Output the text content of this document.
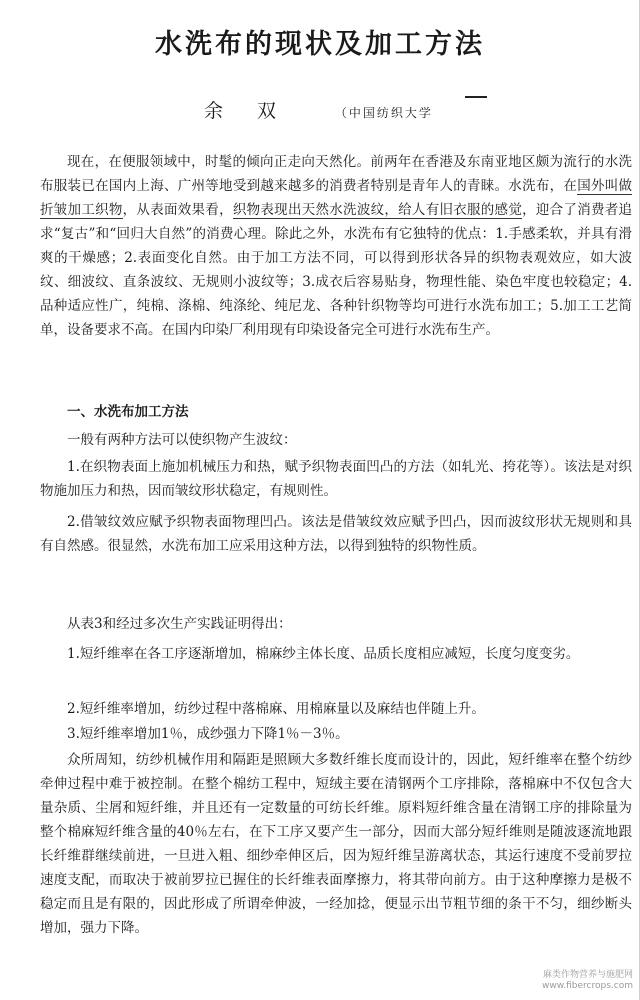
水洗布的现状及加工方法
余 双	（中国纺织大学

现在，在便服领域中，时髦的倾向正走向天然化。前两年在香港及东南亚地区颇为流行的水洗布服装已在国内上海、广州等地受到越来越多的消费者特别是青年人的青睐。水洗布，在国外叫做折皱加工织物，从表面效果看，织物表现出天然水洗波纹，给人有旧衣服的感觉，迎合了消费者追求“复古”和“回归大自然”的消费心理。除此之外，水洗布有它独特的优点：1.手感柔软，并具有滑爽的干燥感；2.表面变化自然。由于加工方法不同，可以得到形状各异的织物表观效应，如大波纹、细波纹、直条波纹、无规则小波纹等；3.成衣后容易贴身，物理性能、染色牢度也较稳定；4.品种适应性广，纯棉、涤棉、纯涤纶、纯尼龙、各种针织物等均可进行水洗布加工；5.加工工艺简单，设备要求不高。在国内印染厂利用现有印染设备完全可进行水洗布生产。

一、水洗布加工方法

一般有两种方法可以使织物产生波纹：

1.在织物表面上施加机械压力和热，赋予织物表面凹凸的方法（如轧光、挎花等）。该法是对织物施加压力和热，因而皱纹形状稳定，有规则性。

2.借皱纹效应赋予织物表面物理凹凸。该法是借皱纹效应赋予凹凸，因而波纹形状无规则和具有自然感。很显然，水洗布加工应采用这种方法，以得到独特的织物性质。

从表3和经过多次生产实践证明得出：

1.短纤维率在各工序逐渐增加，棉麻纱主体长度、品质长度相应减短，长度匀度变劣。

2.短纤维率增加，纺纱过程中落棉麻、用棉麻量以及麻结也伴随上升。

3.短纤维率增加1％，成纱强力下降1％－3％。

众所周知，纺纱机械作用和隔距是照顾大多数纤维长度而设计的，因此，短纤维率在整个纺纱牵伸过程中难于被控制。在整个棉纺工程中，短绒主要在清钢两个工序排除，落棉麻中不仅包含大量杂质、尘屑和短纤维，并且还有一定数量的可纺长纤维。原料短纤维含量在清钢工序的排除量为整个棉麻短纤维含量的40％左右，在下工序又要产生一部分，因而大部分短纤维则是随波逐流地跟长纤维群继续前进，一旦进入粗、细纱牵伸区后，因为短纤维呈游离状态，其运行速度不受前罗拉速度支配，而取决于被前罗拉已握住的长纤维表面摩擦力，将其带向前方。由于这种摩擦力是极不稳定而且是有限的，因此形成了所谓牵伸波，一经加捻，便显示出节粗节细的条干不匀，细纱断头增加，强力下降。

麻类作物营养与施肥网
www.fibercrops.com
